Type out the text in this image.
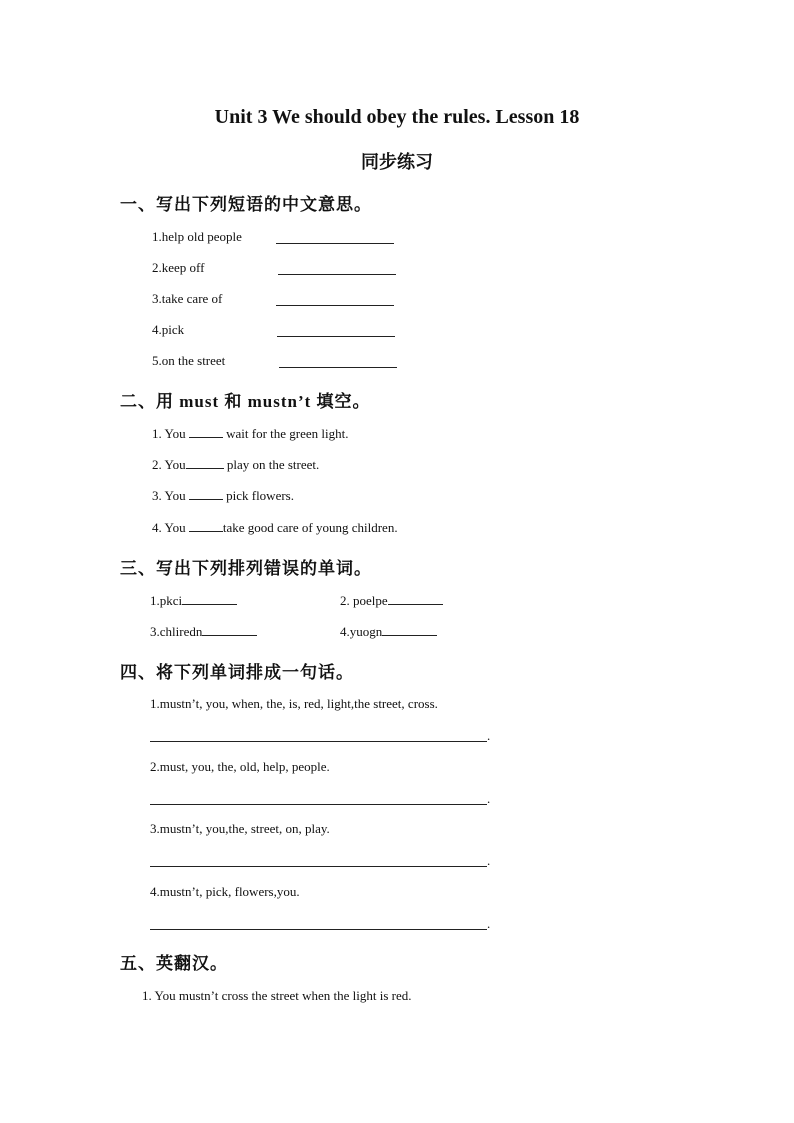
Unit 3 We should obey the rules. Lesson 18
同步练习
一、写出下列短语的中文意思。
1.help old people
2.keep off
3.take care of
4.pick
5.on the street
二、用 must 和 mustn’t 填空。
1. You	wait for the green light.
2. You	play on the street.
3. You	pick flowers.
4. You	take good care of young children.
三、写出下列排列错误的单词。
1.pkci	2. poelpe
3.chliredn	4.yuogn
四、将下列单词排成一句话。
1.mustn’t, you, when, the, is, red, light,the street, cross.
.
2.must, you, the, old, help, people.
.
3.mustn’t, you,the, street, on, play.
.
4.mustn’t, pick, flowers,you.
.
五、英翻汉。
1. You mustn’t cross the street when the light is red.
